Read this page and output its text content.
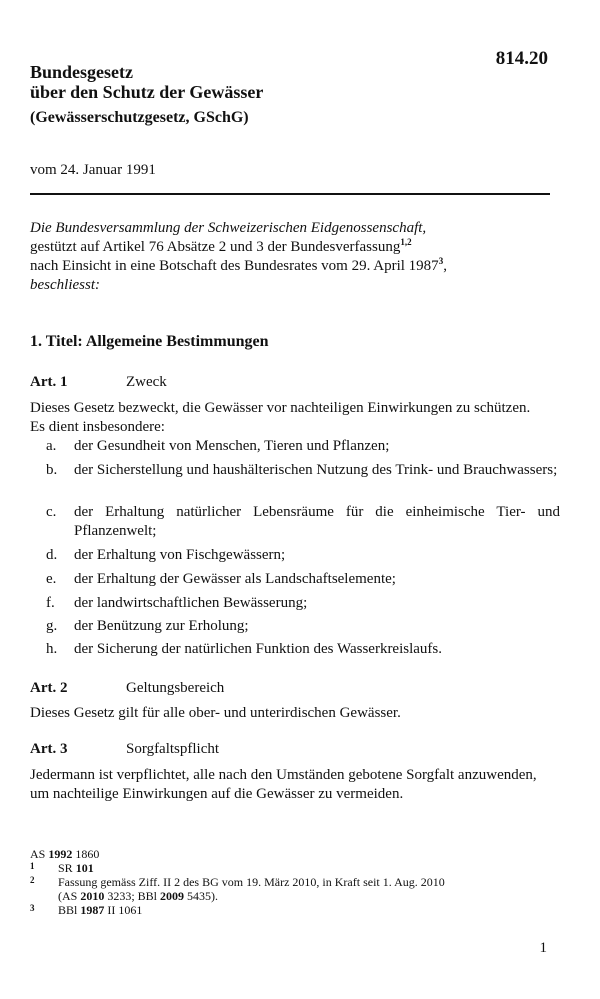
814.20
Bundesgesetz
über den Schutz der Gewässer
(Gewässerschutzgesetz, GSchG)
vom 24. Januar 1991
Die Bundesversammlung der Schweizerischen Eidgenossenschaft,
gestützt auf Artikel 76 Absätze 2 und 3 der Bundesverfassung$^{1,2}$
nach Einsicht in eine Botschaft des Bundesrates vom 29. April 1987$^3$,
beschliesst:
1. Titel: Allgemeine Bestimmungen
Art. 1	Zweck
Dieses Gesetz bezweckt, die Gewässer vor nachteiligen Einwirkungen zu schützen.
Es dient insbesondere:
a. der Gesundheit von Menschen, Tieren und Pflanzen;
b. der Sicherstellung und haushälterischen Nutzung des Trink- und Brauchwassers;
c. der Erhaltung natürlicher Lebensräume für die einheimische Tier- und Pflanzenwelt;
d. der Erhaltung von Fischgewässern;
e. der Erhaltung der Gewässer als Landschaftselemente;
f. der landwirtschaftlichen Bewässerung;
g. der Benützung zur Erholung;
h. der Sicherung der natürlichen Funktion des Wasserkreislaufs.
Art. 2	Geltungsbereich
Dieses Gesetz gilt für alle ober- und unterirdischen Gewässer.
Art. 3	Sorgfaltspflicht
Jedermann ist verpflichtet, alle nach den Umständen gebotene Sorgfalt anzuwenden,
um nachteilige Einwirkungen auf die Gewässer zu vermeiden.
AS 1992 1860
1 SR 101
2 Fassung gemäss Ziff. II 2 des BG vom 19. März 2010, in Kraft seit 1. Aug. 2010
(AS 2010 3233; BBl 2009 5435).
3 BBl 1987 II 1061
1
